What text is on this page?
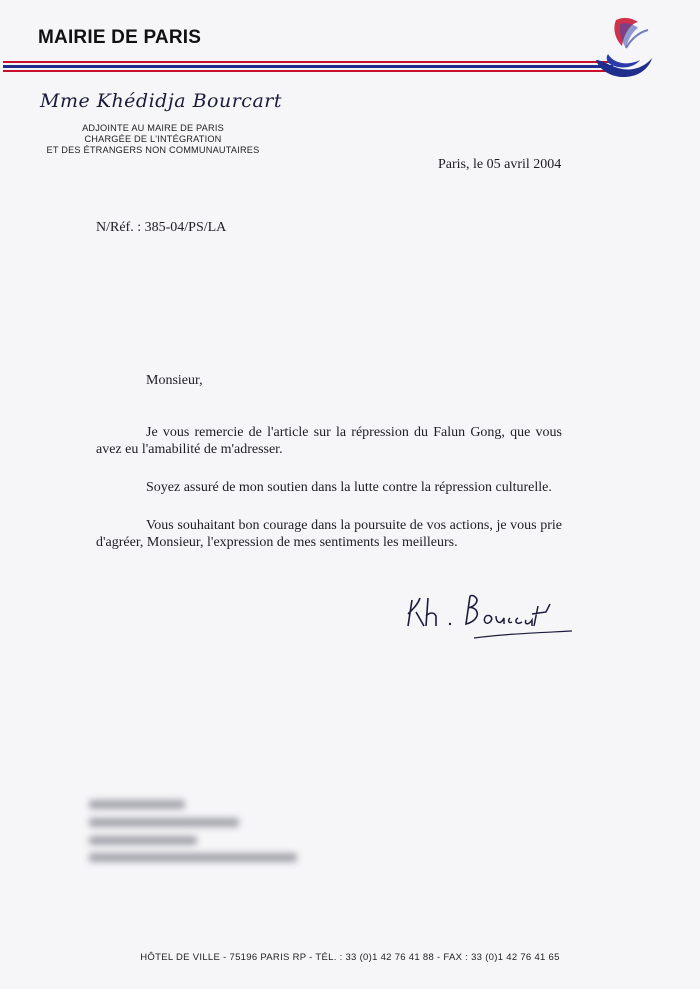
MAIRIE DE PARIS
Mme Khédidja Bourcart
ADJOINTE AU MAIRE DE PARIS
CHARGÉE DE L'INTÉGRATION
ET DES ÉTRANGERS NON COMMUNAUTAIRES
Paris, le 05 avril 2004
N/Réf. : 385-04/PS/LA
Monsieur,

Je vous remercie de l'article sur la répression du Falun Gong, que vous avez eu l'amabilité de m'adresser.

Soyez assuré de mon soutien dans la lutte contre la répression culturelle.

Vous souhaitant bon courage dans la poursuite de vos actions, je vous prie d'agréer, Monsieur, l'expression de mes sentiments les meilleurs.

HÔTEL DE VILLE - 75196 PARIS RP - TÉL. : 33 (0)1 42 76 41 88 - FAX : 33 (0)1 42 76 41 65
